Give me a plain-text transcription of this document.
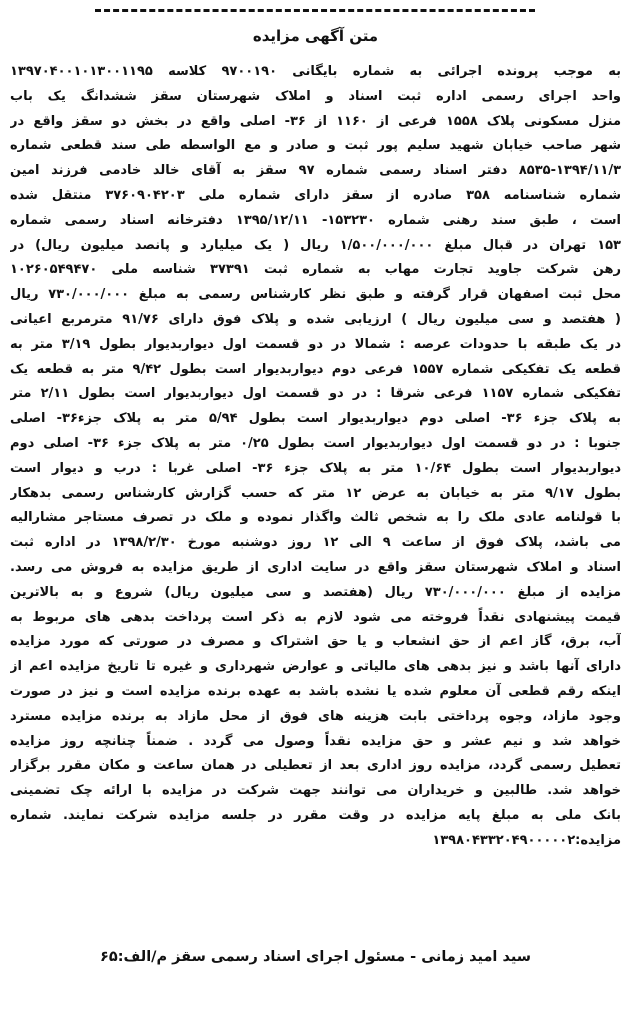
متن آگهی مزایده
به موجب پرونده اجرائی به شماره بایگانی ۹۷۰۰۱۹۰ کلاسه ۱۳۹۷۰۴۰۰۱۰۱۳۰۰۱۱۹۵
واحد اجرای رسمی اداره ثبت اسناد و املاک شهرستان سقز ششدانگ یک باب
منزل مسکونی پلاک ۱۵۵۸ فرعی از ۱۱۶۰ از ۳۶- اصلی واقع در بخش دو سقز واقع در
شهر صاحب خیابان شهید سلیم پور ثبت و صادر و مع الواسطه طی سند قطعی شماره
۸۵۳۵-۱۳۹۴/۱۱/۳ دفتر اسناد رسمی شماره ۹۷ سقز به آقای خالد خادمی فرزند امین
شماره شناسنامه ۳۵۸ صادره از سقز دارای شماره ملی ۳۷۶۰۹۰۴۲۰۳ منتقل شده
است ، طبق سند رهنی شماره ۱۵۳۲۳۰- ۱۳۹۵/۱۲/۱۱ دفترخانه اسناد رسمی شماره
۱۵۳ تهران در قبال مبلغ ۱/۵۰۰/۰۰۰/۰۰۰ ریال ( یک میلیارد و پانصد میلیون ریال) در
رهن شرکت جاوید تجارت مهاب به شماره ثبت ۳۷۳۹۱ شناسه ملی ۱۰۲۶۰۵۴۹۴۷۰
محل ثبت اصفهان قرار گرفته و طبق نظر کارشناس رسمی به مبلغ ۷۳۰/۰۰۰/۰۰۰ ریال
( هفتصد و سی میلیون ریال ) ارزیابی شده و پلاک فوق دارای ۹۱/۷۶ مترمربع اعیانی
در یک طبقه با حدودات عرصه : شمالا در دو قسمت اول دیواربدیوار بطول ۳/۱۹ متر به
قطعه یک تفکیکی شماره ۱۵۵۷ فرعی دوم دیواربدیوار است بطول ۹/۴۲ متر به قطعه یک
تفکیکی شماره ۱۱۵۷ فرعی شرقا : در دو قسمت اول دیواربدیوار است بطول ۲/۱۱ متر
به پلاک جزء ۳۶- اصلی دوم دیواربدیوار است بطول ۵/۹۴ متر به پلاک جزء۳۶- اصلی
جنوبا : در دو قسمت اول دیواربدیوار است بطول ۰/۲۵ متر به پلاک جزء ۳۶- اصلی دوم
دیواربدیوار است بطول ۱۰/۶۴ متر به پلاک جزء ۳۶- اصلی غربا : درب و دیوار است
بطول ۹/۱۷ متر به خیابان به عرض ۱۲ متر که حسب گزارش کارشناس رسمی بدهکار
با قولنامه عادی ملک را به شخص ثالث واگذار نموده و ملک در تصرف مستاجر مشارالیه
می باشد، پلاک فوق از ساعت ۹ الی ۱۲ روز دوشنبه مورخ ۱۳۹۸/۲/۳۰ در اداره ثبت
اسناد و املاک شهرستان سقز واقع در سایت اداری از طریق مزایده به فروش می رسد.
مزایده از مبلغ ۷۳۰/۰۰۰/۰۰۰ ریال (هفتصد و سی میلیون ریال) شروع و به بالاترین
قیمت پیشنهادی نقداً فروخته می شود لازم به ذکر است پرداخت بدهی های مربوط به
آب، برق، گاز اعم از حق انشعاب و یا حق اشتراک و مصرف در صورتی که مورد مزایده
دارای آنها باشد و نیز بدهی های مالیاتی و عوارض شهرداری و غیره تا تاریخ مزایده اعم از
اینکه رقم قطعی آن معلوم شده یا نشده باشد به عهده برنده مزایده است و نیز در صورت
وجود مازاد، وجوه پرداختی بابت هزینه های فوق از محل مازاد به برنده مزایده مسترد
خواهد شد و نیم عشر و حق مزایده نقداً وصول می گردد . ضمناً چنانچه روز مزایده
تعطیل رسمی گردد، مزایده روز اداری بعد از تعطیلی در همان ساعت و مکان مقرر برگزار
خواهد شد. طالبین و خریداران می توانند جهت شرکت در مزایده با ارائه چک تضمینی
بانک ملی به مبلغ پایه مزایده در وقت مقرر در جلسه مزایده شرکت نمایند. شماره
مزایده:۱۳۹۸۰۴۳۳۲۰۴۹۰۰۰۰۰۲
سید امید زمانی - مسئول اجرای اسناد رسمی سقز م/الف:۶۵
